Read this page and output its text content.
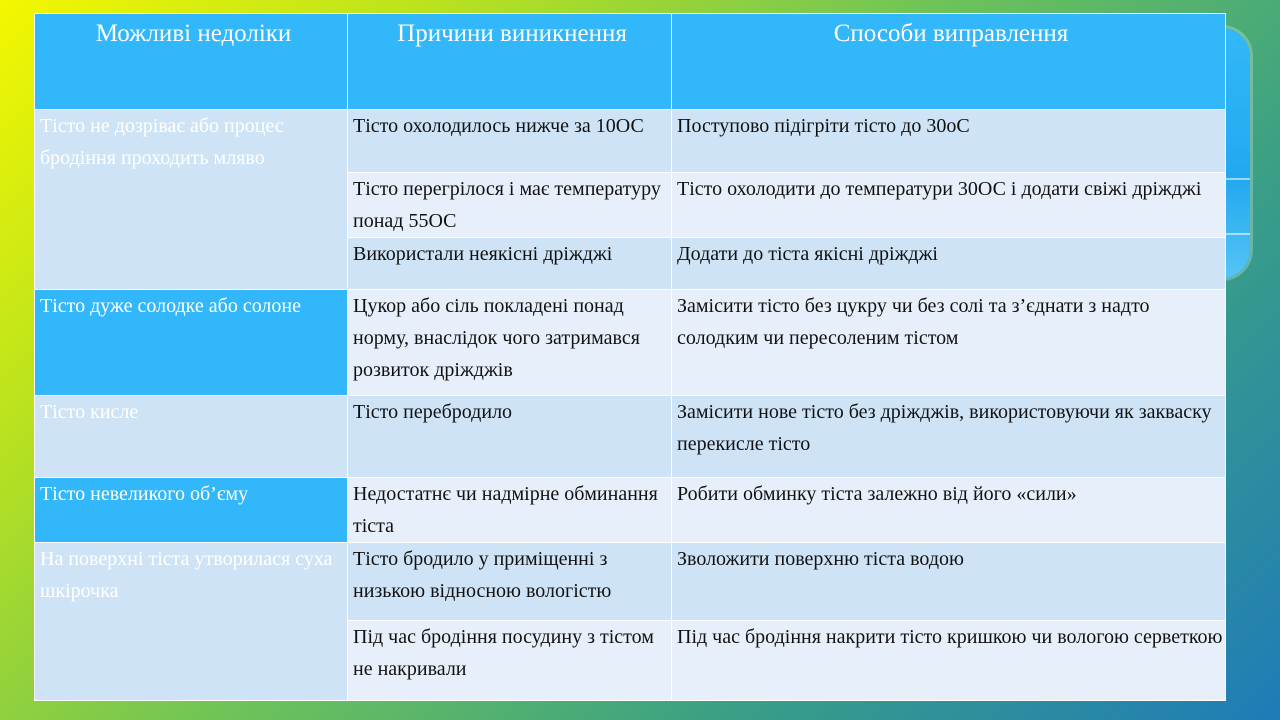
Можливі недоліки	Причини виникнення	Способи виправлення
Тісто не дозріває або процес бродіння проходить мляво	Тісто охолодилось нижче за 10ОС	Поступово підігріти тісто до 30оС
	Тісто перегрілося і має температуру понад 55ОС	Тісто охолодити до температури 30ОС і додати свіжі дріжджі
	Використали неякісні дріжджі	Додати до тіста якісні дріжджі
Тісто дуже солодке або солоне	Цукор або сіль покладені понад норму, внаслідок чого затримався розвиток дріжджів	Замісити тісто без цукру чи без солі та з’єднати з надто солодким чи пересоленим тістом
Тісто кисле	Тісто перебродило	Замісити нове тісто без дріжджів, використовуючи як закваску перекисле тісто
Тісто невеликого об’єму	Недостатнє чи надмірне обминання тіста	Робити обминку тіста залежно від його «сили»
На поверхні тіста утворилася суха шкірочка	Тісто бродило у приміщенні з низькою відносною вологістю	Зволожити поверхню тіста водою
	Під час бродіння посудину з тістом не накривали	Під час бродіння накрити тісто кришкою чи вологою серветкою
